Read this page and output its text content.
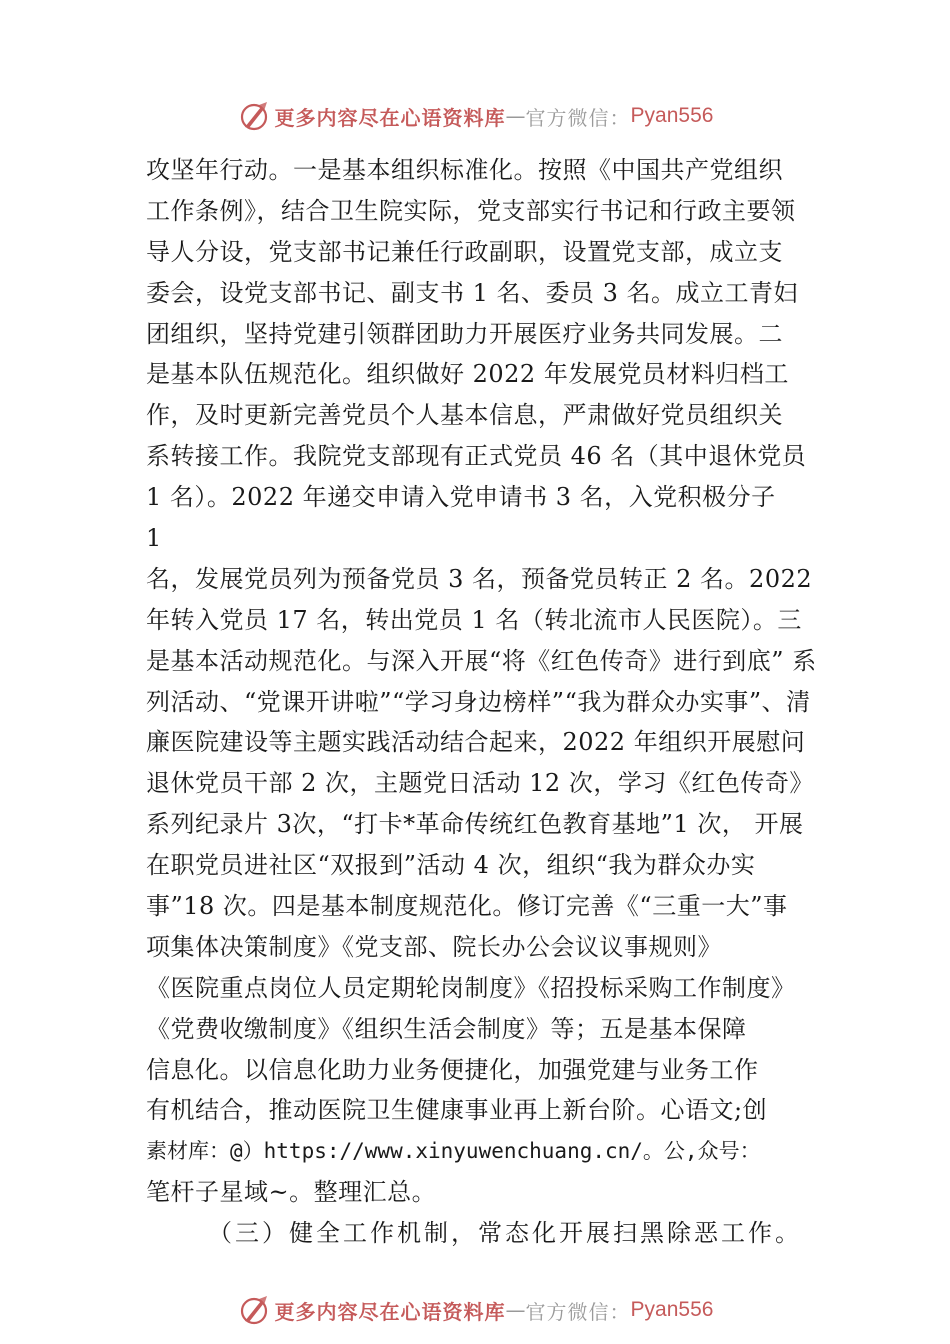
更多内容尽在心语资料库 — 官方微信： Pyan556
攻坚年行动。一是基本组织标准化。按照《中国共产党组织
工作条例》，结合卫生院实际，党支部实行书记和行政主要领
导人分设，党支部书记兼任行政副职，设置党支部，成立支
委会，设党支部书记、副支书 1 名、委员 3 名。成立工青妇
团组织，坚持党建引领群团助力开展医疗业务共同发展。二
是基本队伍规范化。组织做好 2022 年发展党员材料归档工
作，及时更新完善党员个人基本信息，严肃做好党员组织关
系转接工作。我院党支部现有正式党员 46 名（其中退休党员
1 名）。2022 年递交申请入党申请书 3 名，入党积极分子
1
名，发展党员列为预备党员 3 名，预备党员转正 2 名。2022
年转入党员 17 名，转出党员 1 名（转北流市人民医院）。三
是基本活动规范化。与深入开展“将《红色传奇》进行到底” 系
列活动、“党课开讲啦”“学习身边榜样”“我为群众办实事”、清
廉医院建设等主题实践活动结合起来，2022 年组织开展慰问
退休党员干部 2 次，主题党日活动 12 次，学习《红色传奇》
系列纪录片 3次，“打卡*革命传统红色教育基地”1 次， 开展
在职党员进社区“双报到”活动 4 次，组织“我为群众办实
事”18 次。四是基本制度规范化。修订完善《“三重一大”事
项集体决策制度》《党支部、院长办公会议议事规则》
《医院重点岗位人员定期轮岗制度》《招投标采购工作制度》
《党费收缴制度》《组织生活会制度》等；五是基本保障
信息化。以信息化助力业务便捷化，加强党建与业务工作
有机结合，推动医院卫生健康事业再上新台阶。心语文;创
素材库：@）https://www.xinyuwenchuang.cn/。公,众号：
笔杆子星域~。整理汇总。
（三）健全工作机制，常态化开展扫黑除恶工作。
更多内容尽在心语资料库 — 官方微信： Pyan556
